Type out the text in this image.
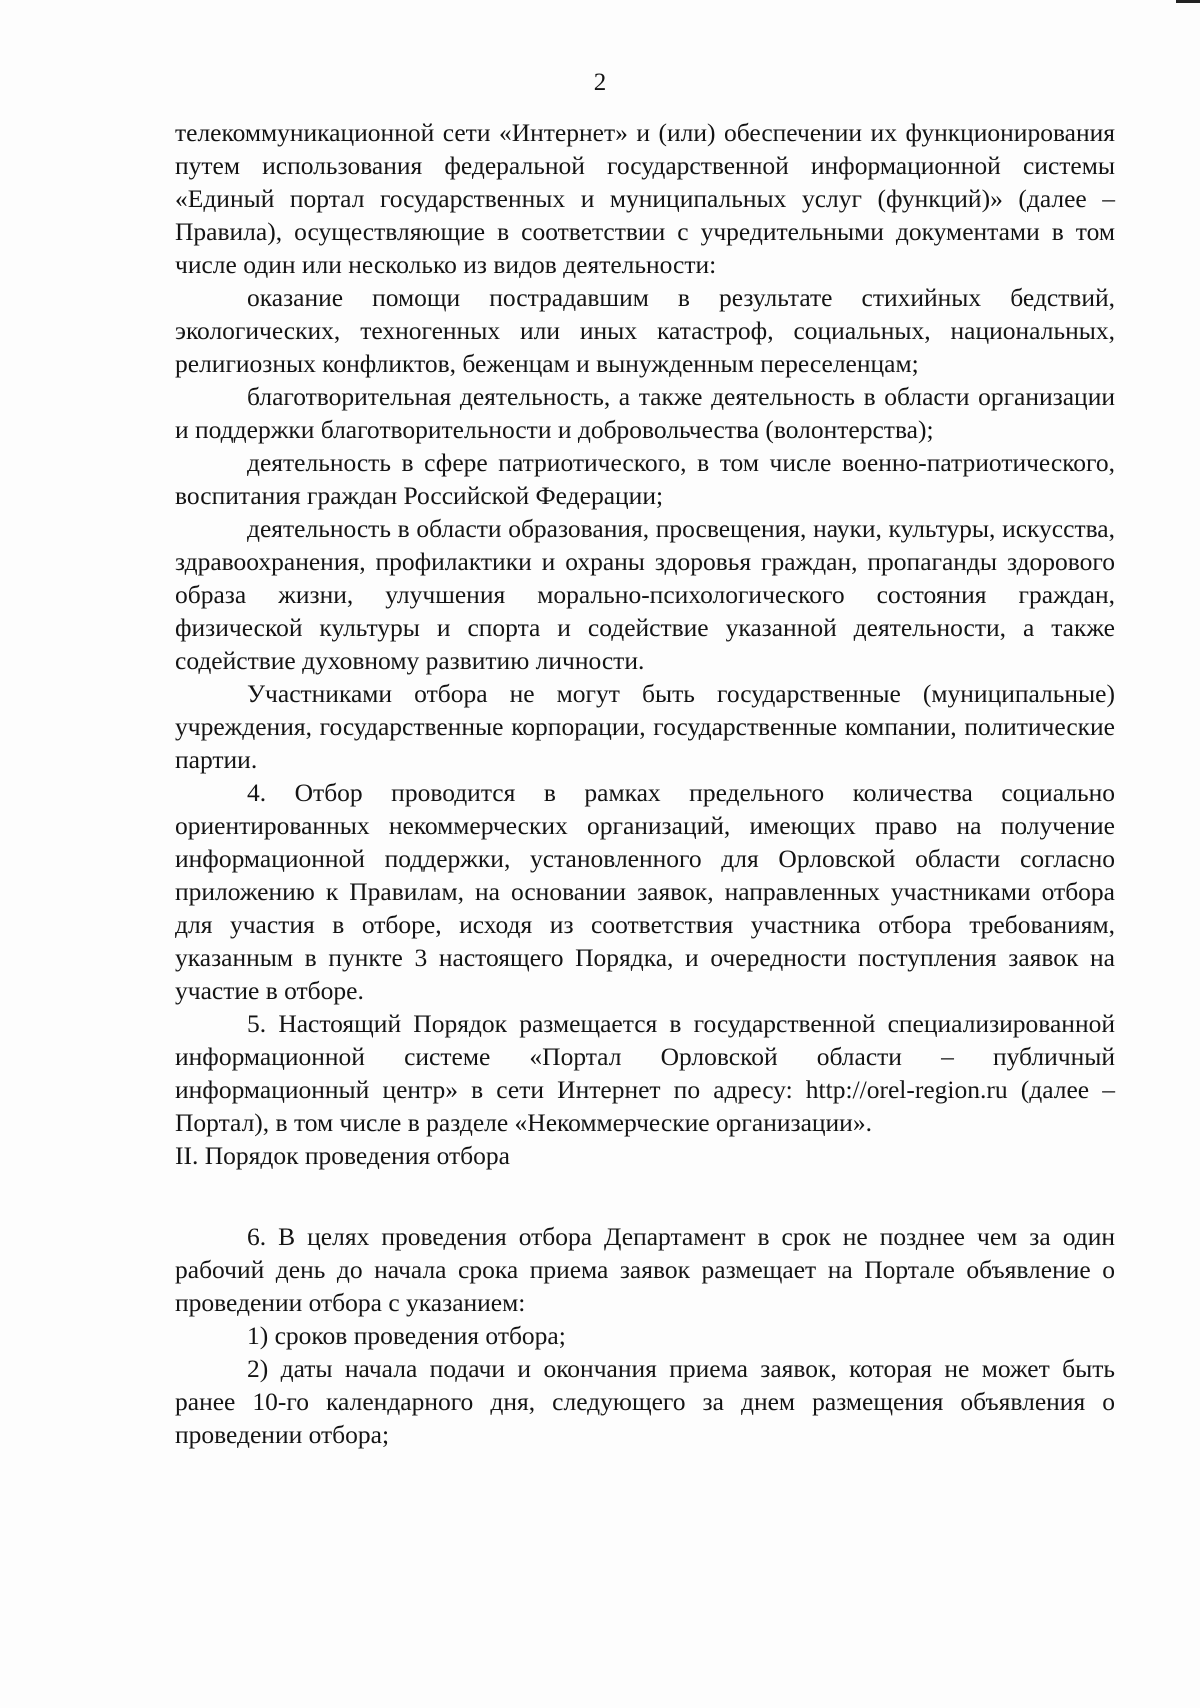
2

телекоммуникационной сети «Интернет» и (или) обеспечении их функционирования путем использования федеральной государственной информационной системы «Единый портал государственных и муниципальных услуг (функций)» (далее – Правила), осуществляющие в соответствии с учредительными документами в том числе один или несколько из видов деятельности:

оказание помощи пострадавшим в результате стихийных бедствий, экологических, техногенных или иных катастроф, социальных, национальных, религиозных конфликтов, беженцам и вынужденным переселенцам;

благотворительная деятельность, а также деятельность в области организации и поддержки благотворительности и добровольчества (волонтерства);

деятельность в сфере патриотического, в том числе военно-патриотического, воспитания граждан Российской Федерации;

деятельность в области образования, просвещения, науки, культуры, искусства, здравоохранения, профилактики и охраны здоровья граждан, пропаганды здорового образа жизни, улучшения морально-психологического состояния граждан, физической культуры и спорта и содействие указанной деятельности, а также содействие духовному развитию личности.

Участниками отбора не могут быть государственные (муниципальные) учреждения, государственные корпорации, государственные компании, политические партии.

4. Отбор проводится в рамках предельного количества социально ориентированных некоммерческих организаций, имеющих право на получение информационной поддержки, установленного для Орловской области согласно приложению к Правилам, на основании заявок, направленных участниками отбора для участия в отборе, исходя из соответствия участника отбора требованиям, указанным в пункте 3 настоящего Порядка, и очередности поступления заявок на участие в отборе.

5. Настоящий Порядок размещается в государственной специализированной информационной системе «Портал Орловской области – публичный информационный центр» в сети Интернет по адресу: http://orel-region.ru (далее – Портал), в том числе в разделе «Некоммерческие организации».

II. Порядок проведения отбора

6. В целях проведения отбора Департамент в срок не позднее чем за один рабочий день до начала срока приема заявок размещает на Портале объявление о проведении отбора с указанием:

1) сроков проведения отбора;

2) даты начала подачи и окончания приема заявок, которая не может быть ранее 10-го календарного дня, следующего за днем размещения объявления о проведении отбора;
